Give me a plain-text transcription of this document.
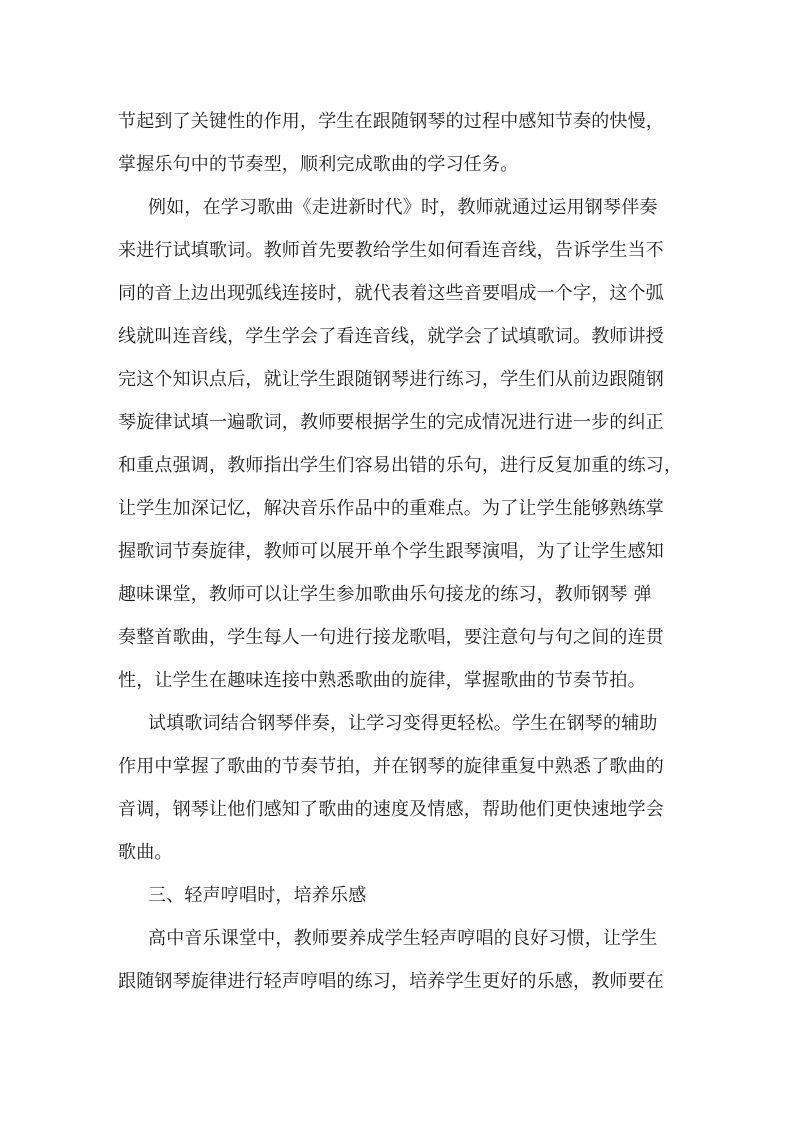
节起到了关键性的作用，学生在跟随钢琴的过程中感知节奏的快慢，
掌握乐句中的节奏型，顺利完成歌曲的学习任务。
例如，在学习歌曲《走进新时代》时，教师就通过运用钢琴伴奏
来进行试填歌词。教师首先要教给学生如何看连音线，告诉学生当不
同的音上边出现弧线连接时，就代表着这些音要唱成一个字，这个弧
线就叫连音线，学生学会了看连音线，就学会了试填歌词。教师讲授
完这个知识点后，就让学生跟随钢琴进行练习，学生们从前边跟随钢
琴旋律试填一遍歌词，教师要根据学生的完成情况进行进一步的纠正
和重点强调，教师指出学生们容易出错的乐句，进行反复加重的练习，
让学生加深记忆，解决音乐作品中的重难点。为了让学生能够熟练掌
握歌词节奏旋律，教师可以展开单个学生跟琴演唱，为了让学生感知
趣味课堂，教师可以让学生参加歌曲乐句接龙的练习，教师钢琴 弹
奏整首歌曲，学生每人一句进行接龙歌唱，要注意句与句之间的连贯
性，让学生在趣味连接中熟悉歌曲的旋律，掌握歌曲的节奏节拍。
试填歌词结合钢琴伴奏，让学习变得更轻松。学生在钢琴的辅助
作用中掌握了歌曲的节奏节拍，并在钢琴的旋律重复中熟悉了歌曲的
音调，钢琴让他们感知了歌曲的速度及情感，帮助他们更快速地学会
歌曲。
三、轻声哼唱时，培养乐感
高中音乐课堂中，教师要养成学生轻声哼唱的良好习惯，让学生
跟随钢琴旋律进行轻声哼唱的练习，培养学生更好的乐感，教师要在
